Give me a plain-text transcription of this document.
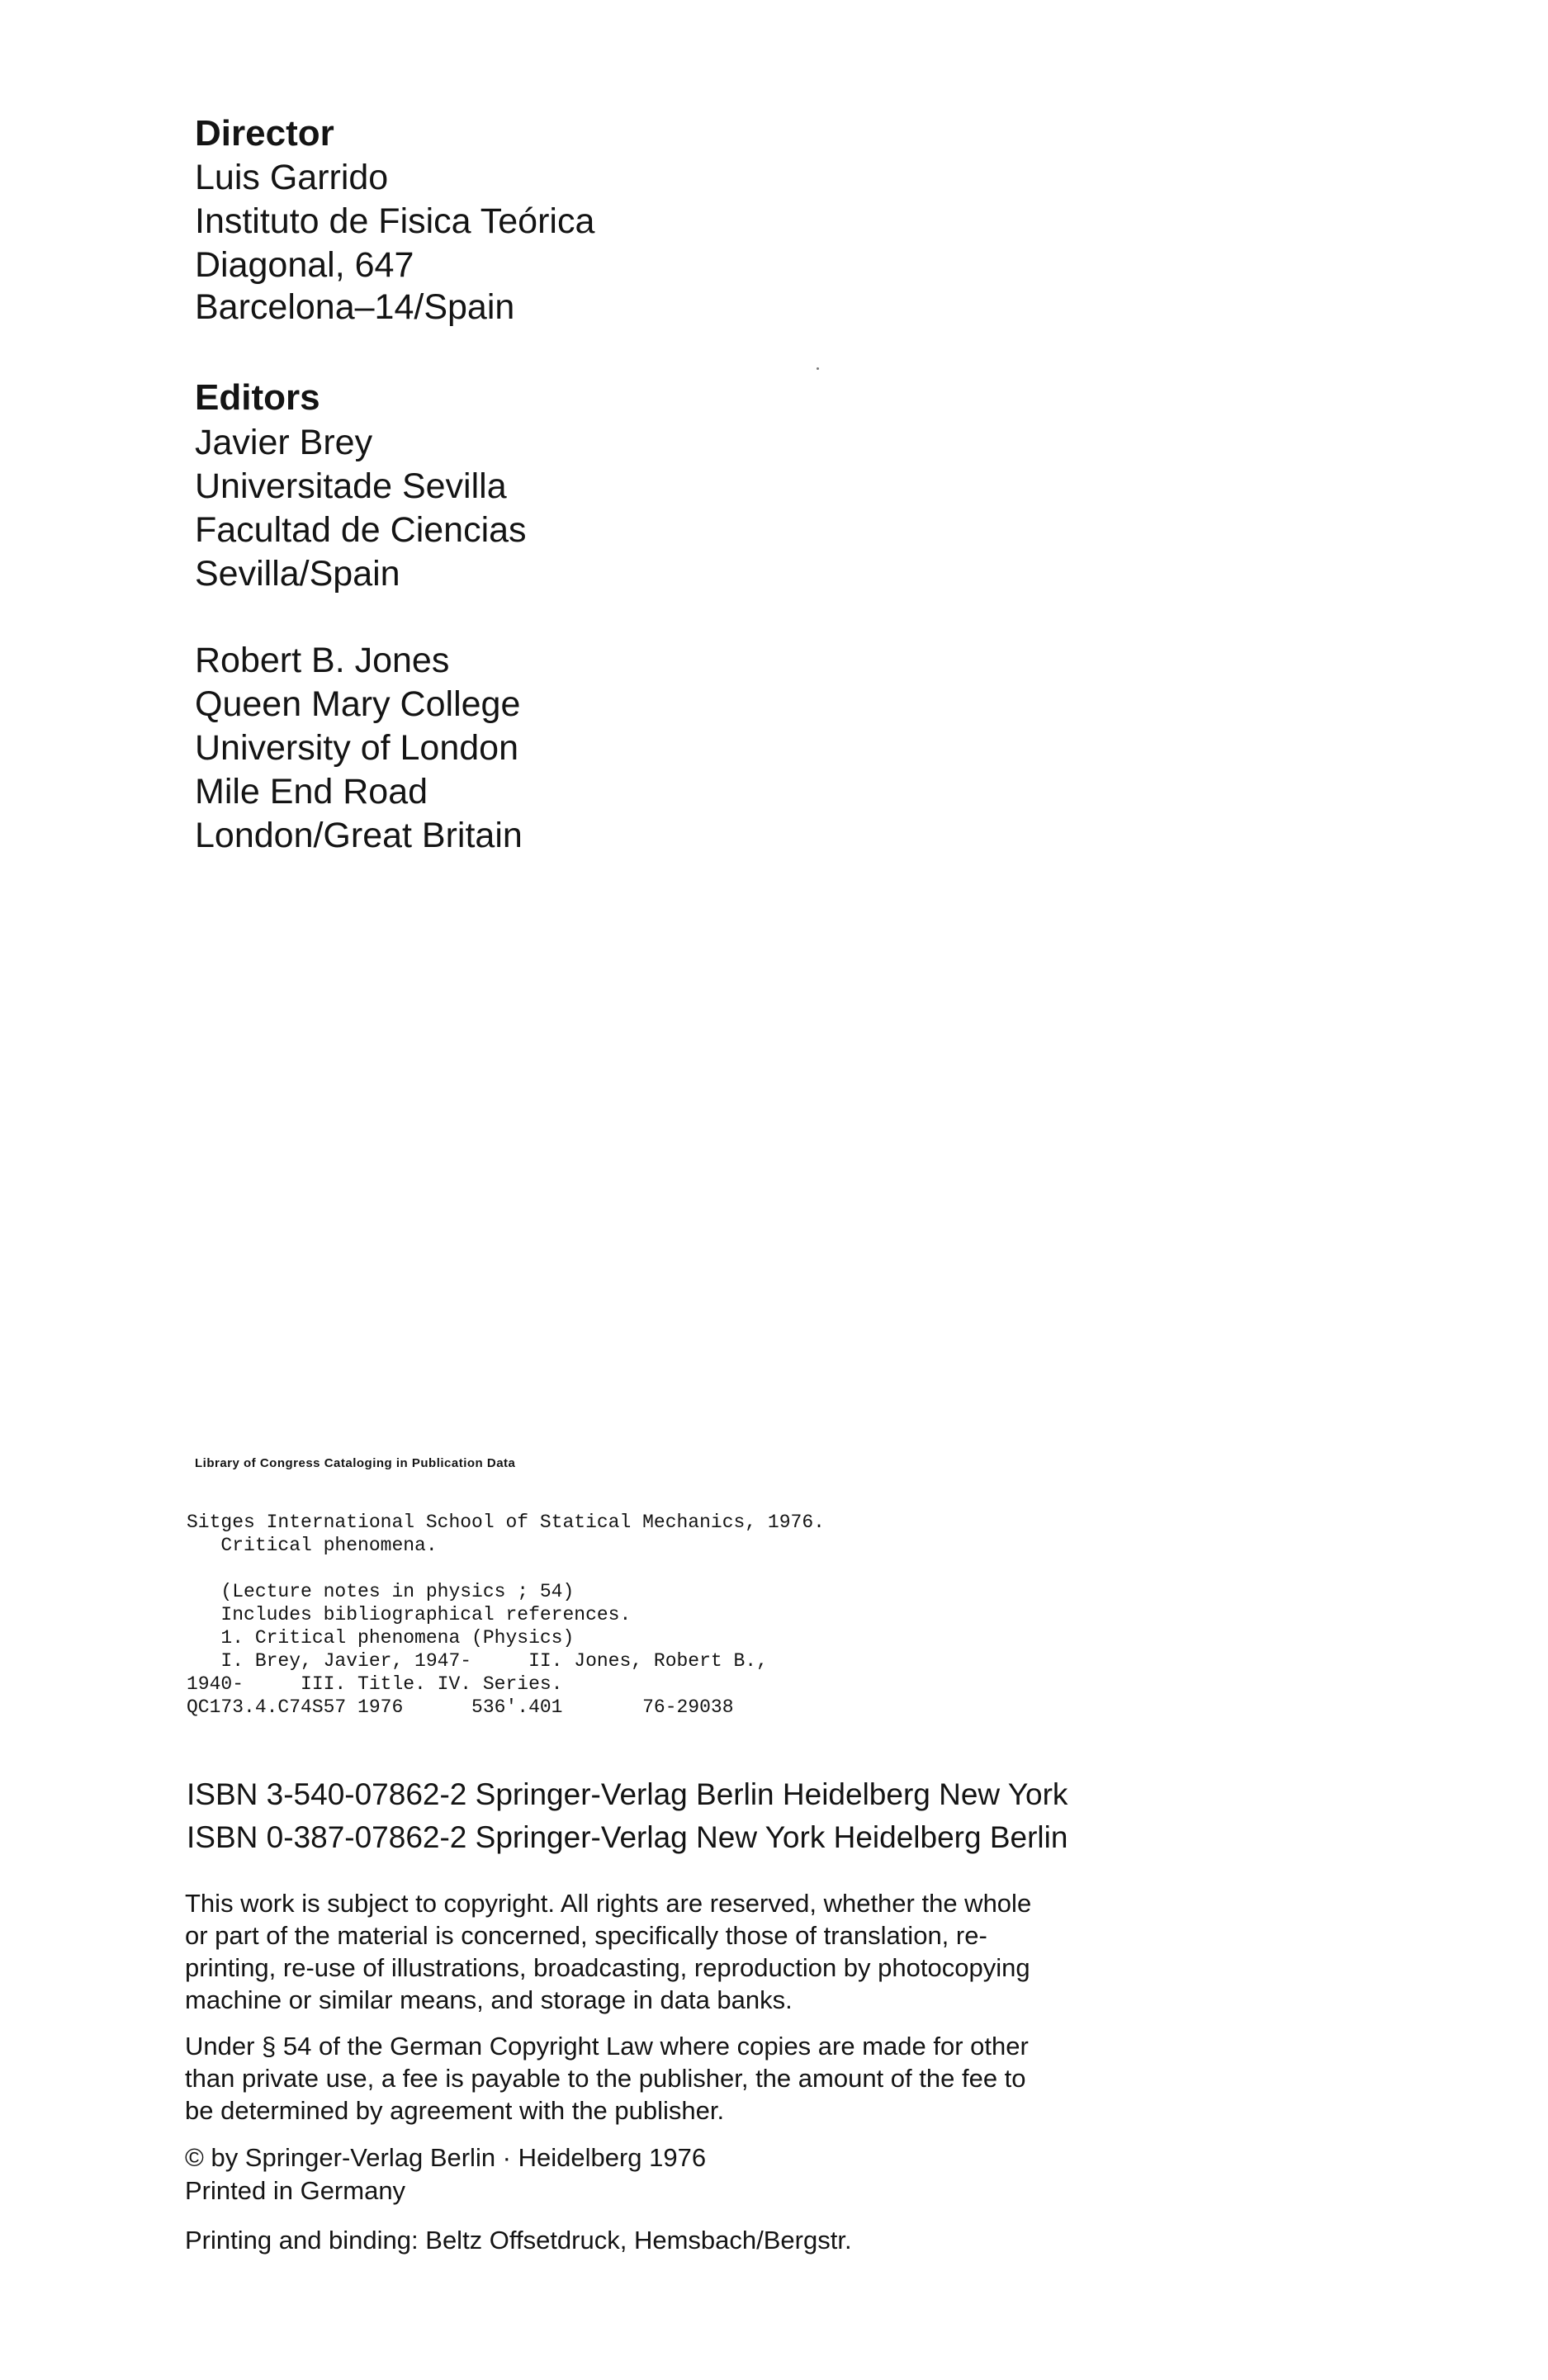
Director
Luis Garrido
Instituto de Fisica Teórica
Diagonal, 647
Barcelona–14/Spain
Editors
Javier Brey
Universitade Sevilla
Facultad de Ciencias
Sevilla/Spain
Robert B. Jones
Queen Mary College
University of London
Mile End Road
London/Great Britain
Library of Congress Cataloging in Publication Data
Sitges International School of Statical Mechanics, 1976.
Critical phenomena.
(Lecture notes in physics ; 54)
Includes bibliographical references.
1. Critical phenomena (Physics)
I. Brey, Javier, 1947-     II. Jones, Robert B.,
1940-     III. Title. IV. Series.
QC173.4.C74S57 1976      536'.401       76-29038
ISBN 3-540-07862-2 Springer-Verlag Berlin Heidelberg New York
ISBN 0-387-07862-2 Springer-Verlag New York Heidelberg Berlin
This work is subject to copyright. All rights are reserved, whether the whole
or part of the material is concerned, specifically those of translation, re-
printing, re-use of illustrations, broadcasting, reproduction by photocopying
machine or similar means, and storage in data banks.
Under § 54 of the German Copyright Law where copies are made for other
than private use, a fee is payable to the publisher, the amount of the fee to
be determined by agreement with the publisher.
© by Springer-Verlag Berlin · Heidelberg 1976
Printed in Germany
Printing and binding: Beltz Offsetdruck, Hemsbach/Bergstr.
